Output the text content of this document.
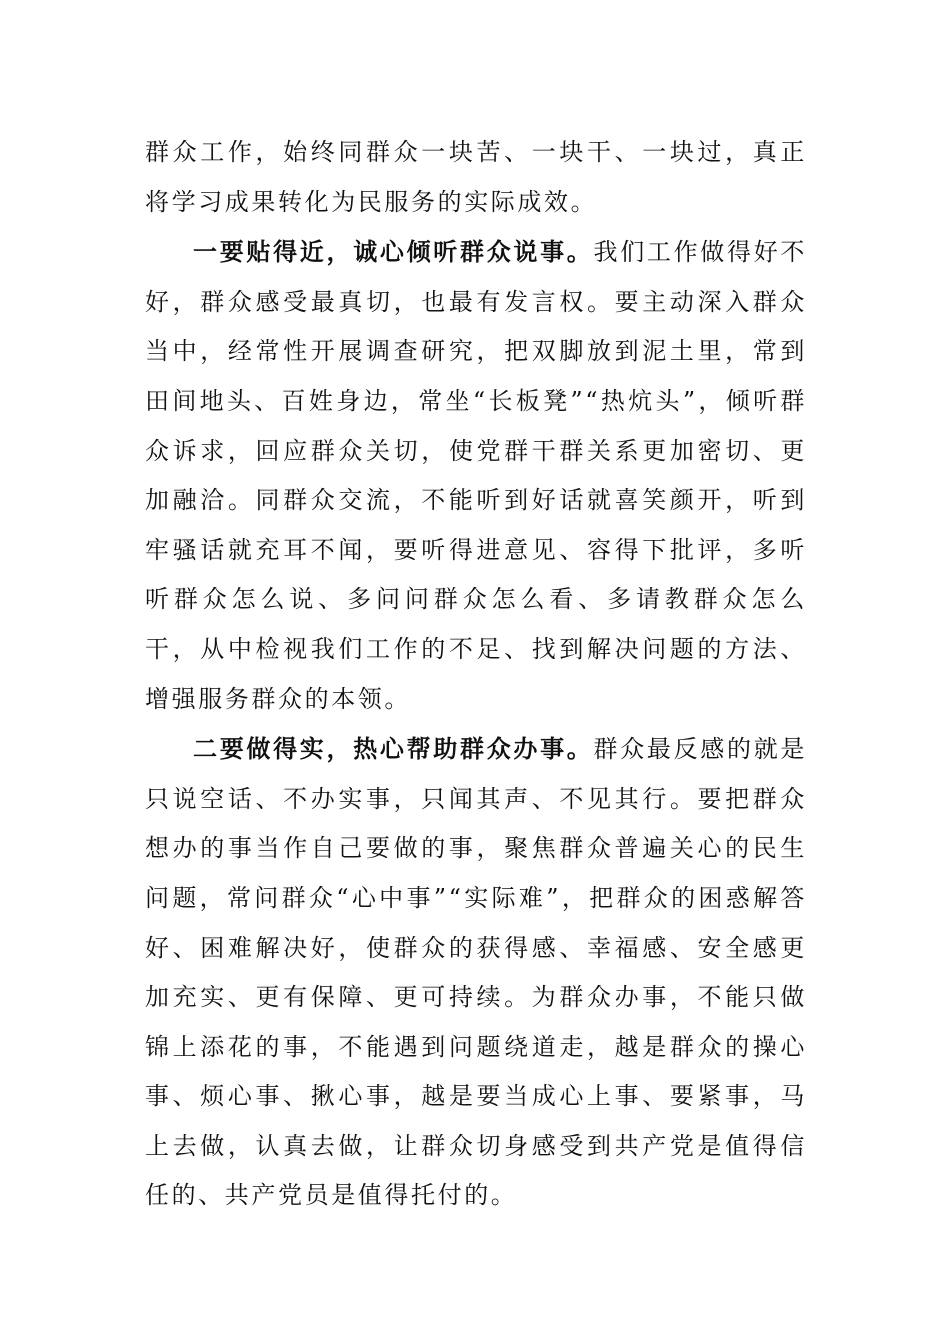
群众工作，始终同群众一块苦、一块干、一块过，真正将学习成果转化为民服务的实际成效。

一要贴得近，诚心倾听群众说事。我们工作做得好不好，群众感受最真切，也最有发言权。要主动深入群众当中，经常性开展调查研究，把双脚放到泥土里，常到田间地头、百姓身边，常坐“长板凳”“热炕头”，倾听群众诉求，回应群众关切，使党群干群关系更加密切、更加融洽。同群众交流，不能听到好话就喜笑颜开，听到牢骚话就充耳不闻，要听得进意见、容得下批评，多听听群众怎么说、多问问群众怎么看、多请教群众怎么干，从中检视我们工作的不足、找到解决问题的方法、增强服务群众的本领。

二要做得实，热心帮助群众办事。群众最反感的就是只说空话、不办实事，只闻其声、不见其行。要把群众想办的事当作自己要做的事，聚焦群众普遍关心的民生问题，常问群众“心中事”“实际难”，把群众的困惑解答好、困难解决好，使群众的获得感、幸福感、安全感更加充实、更有保障、更可持续。为群众办事，不能只做锦上添花的事，不能遇到问题绕道走，越是群众的操心事、烦心事、揪心事，越是要当成心上事、要紧事，马上去做，认真去做，让群众切身感受到共产党是值得信任的、共产党员是值得托付的。
